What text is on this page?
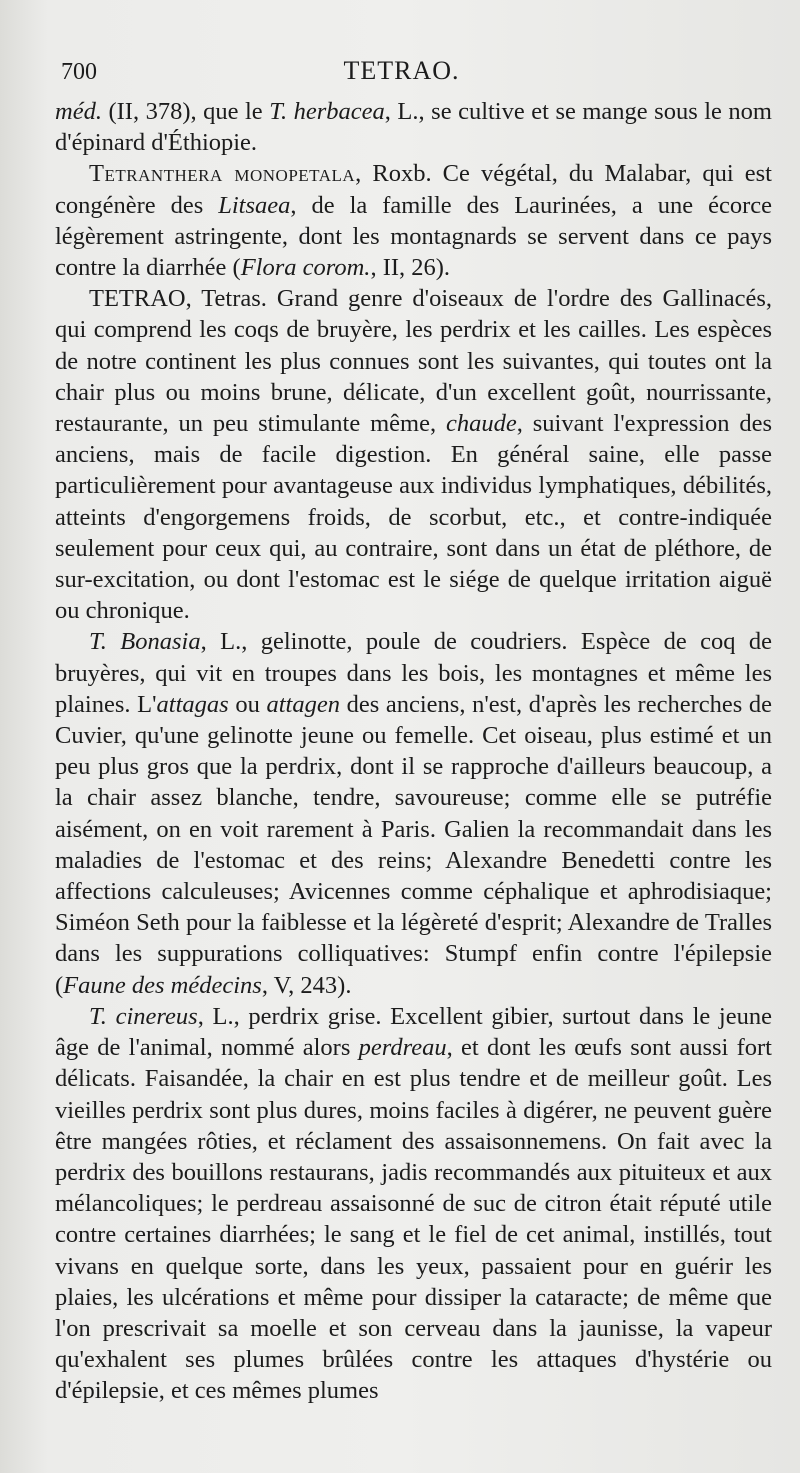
700	TETRAO.

méd. (II, 378), que le T. herbacea, L., se cultive et se mange sous le nom d'épinard d'Éthiopie.

Tetranthera monopetala, Roxb. Ce végétal, du Malabar, qui est congénère des Litsaea, de la famille des Laurinées, a une écorce légèrement astringente, dont les montagnards se servent dans ce pays contre la diarrhée (Flora corom., II, 26).

TETRAO, Tetras. Grand genre d'oiseaux de l'ordre des Gallinacés, qui comprend les coqs de bruyère, les perdrix et les cailles. Les espèces de notre continent les plus connues sont les suivantes, qui toutes ont la chair plus ou moins brune, délicate, d'un excellent goût, nourrissante, restaurante, un peu stimulante même, chaude, suivant l'expression des anciens, mais de facile digestion. En général saine, elle passe particulièrement pour avantageuse aux individus lymphatiques, débilités, atteints d'engorgemens froids, de scorbut, etc., et contre-indiquée seulement pour ceux qui, au contraire, sont dans un état de pléthore, de sur-excitation, ou dont l'estomac est le siége de quelque irritation aiguë ou chronique.

T. Bonasia, L., gelinotte, poule de coudriers. Espèce de coq de bruyères, qui vit en troupes dans les bois, les montagnes et même les plaines. L'attagas ou attagen des anciens, n'est, d'après les recherches de Cuvier, qu'une gelinotte jeune ou femelle. Cet oiseau, plus estimé et un peu plus gros que la perdrix, dont il se rapproche d'ailleurs beaucoup, a la chair assez blanche, tendre, savoureuse; comme elle se putréfie aisément, on en voit rarement à Paris. Galien la recommandait dans les maladies de l'estomac et des reins; Alexandre Benedetti contre les affections calculeuses; Avicennes comme céphalique et aphrodisiaque; Siméon Seth pour la faiblesse et la légèreté d'esprit; Alexandre de Tralles dans les suppurations colliquatives: Stumpf enfin contre l'épilepsie (Faune des médecins, V, 243).

T. cinereus, L., perdrix grise. Excellent gibier, surtout dans le jeune âge de l'animal, nommé alors perdreau, et dont les œufs sont aussi fort délicats. Faisandée, la chair en est plus tendre et de meilleur goût. Les vieilles perdrix sont plus dures, moins faciles à digérer, ne peuvent guère être mangées rôties, et réclament des assaisonnemens. On fait avec la perdrix des bouillons restaurans, jadis recommandés aux pituiteux et aux mélancoliques; le perdreau assaisonné de suc de citron était réputé utile contre certaines diarrhées; le sang et le fiel de cet animal, instillés, tout vivans en quelque sorte, dans les yeux, passaient pour en guérir les plaies, les ulcérations et même pour dissiper la cataracte; de même que l'on prescrivait sa moelle et son cerveau dans la jaunisse, la vapeur qu'exhalent ses plumes brûlées contre les attaques d'hystérie ou d'épilepsie, et ces mêmes plumes
